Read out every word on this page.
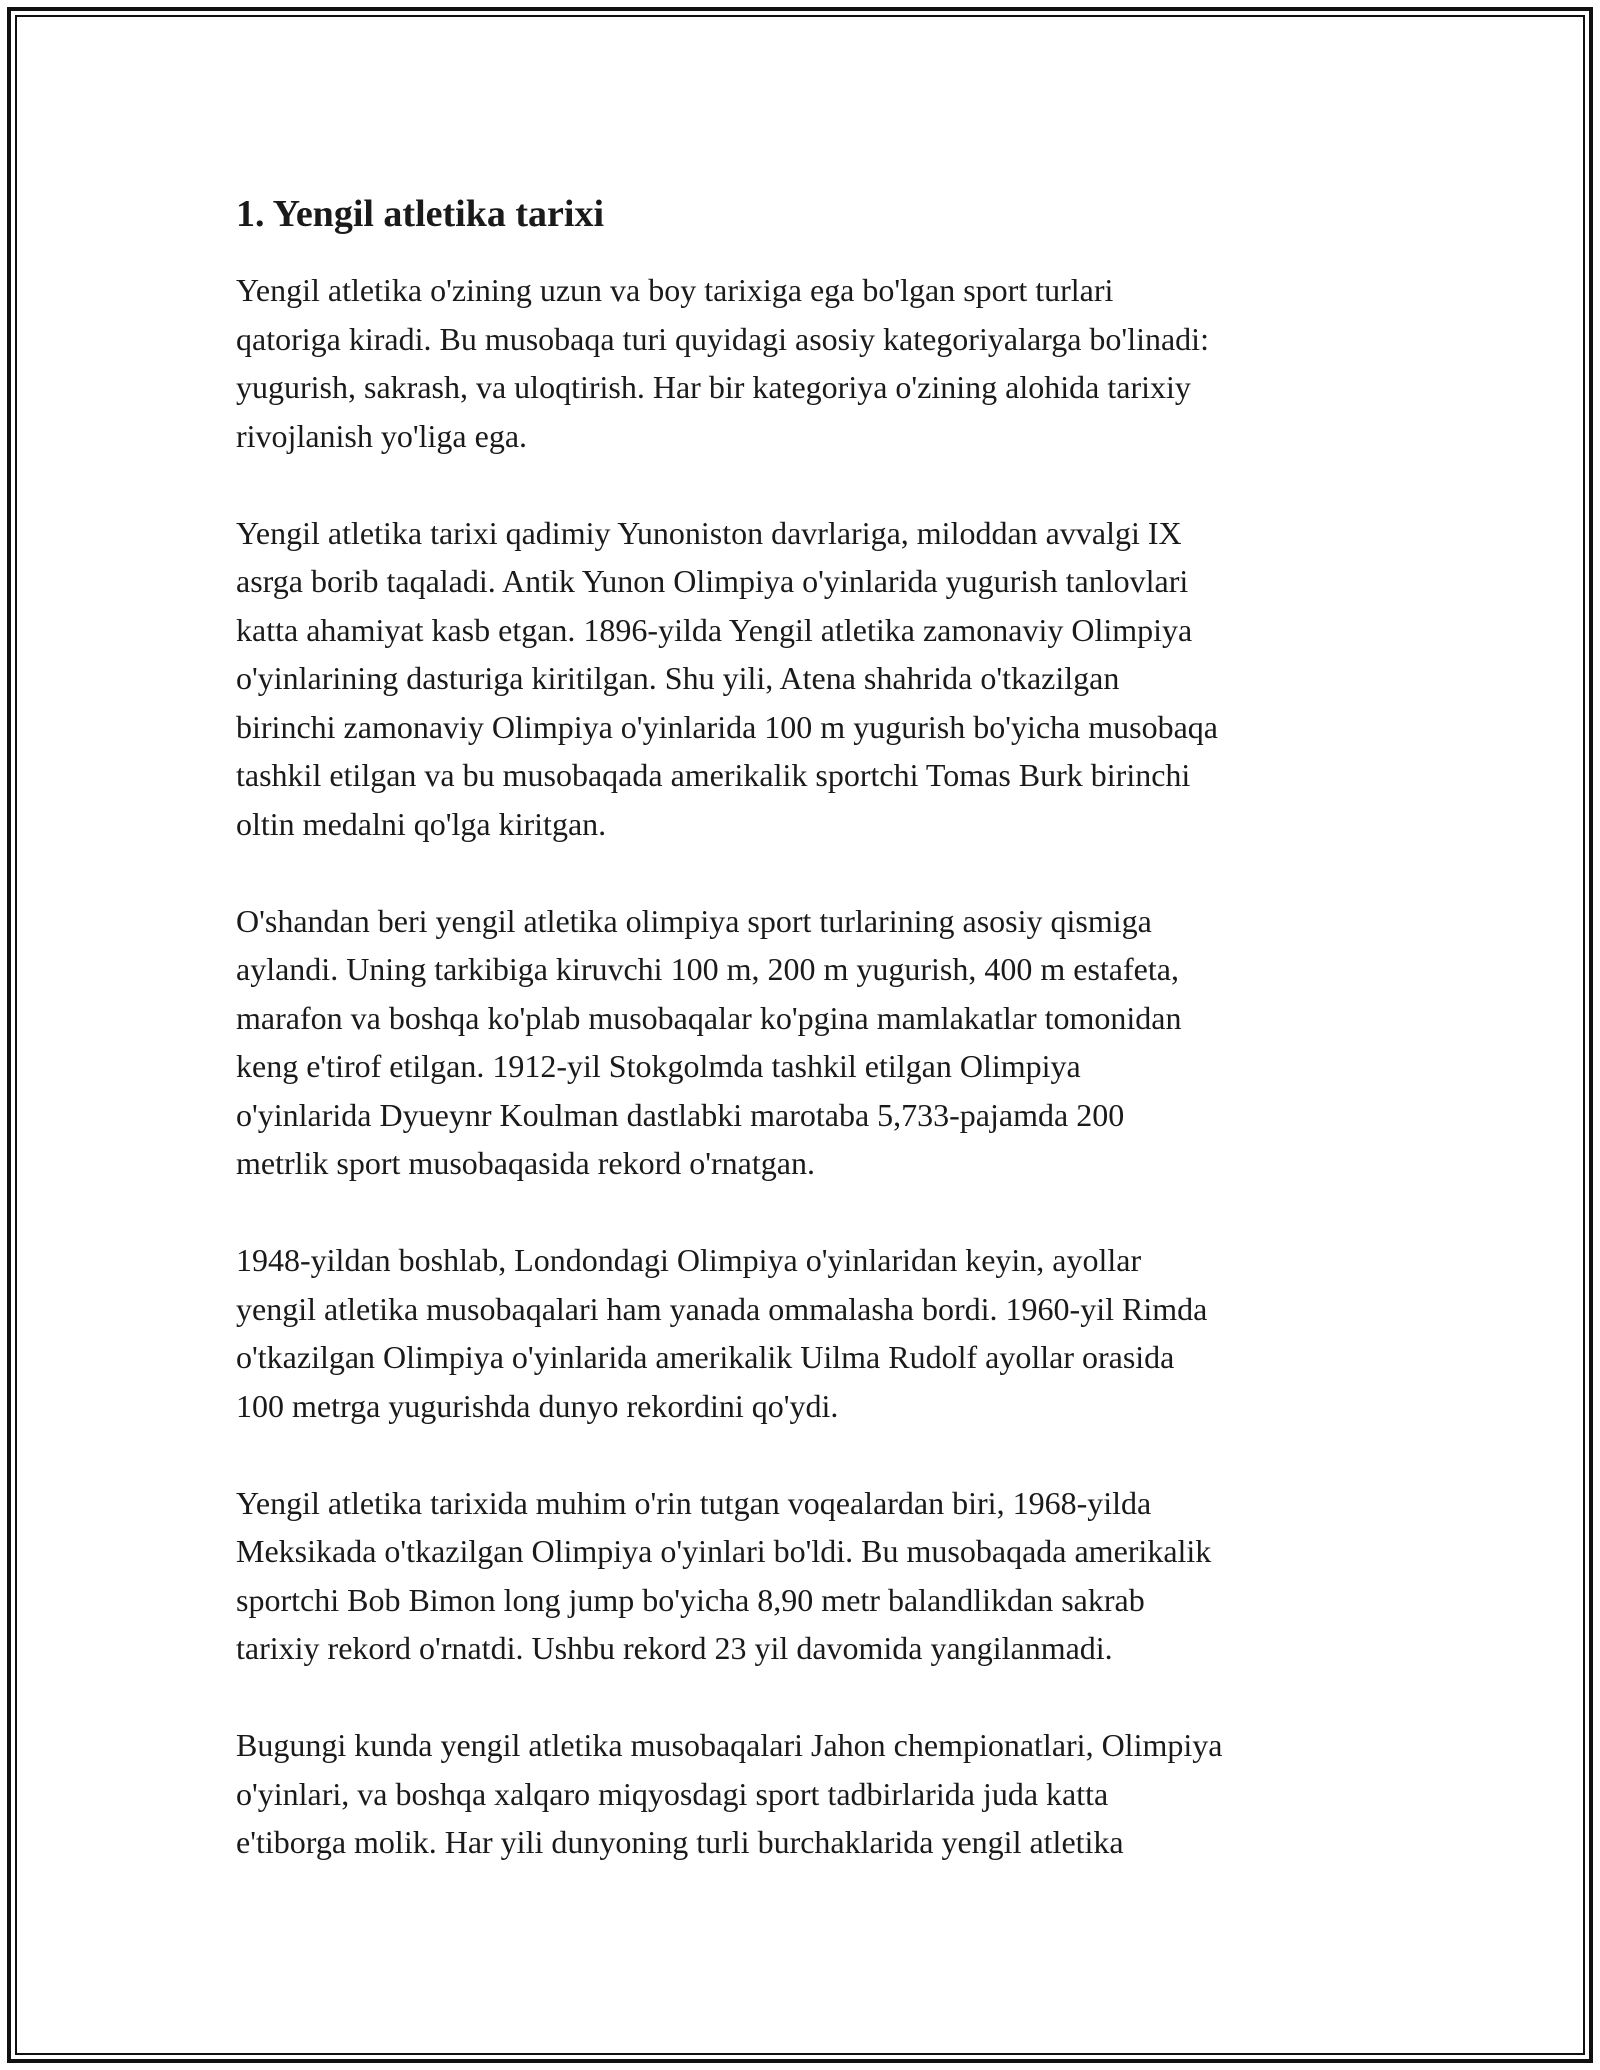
1. Yengil atletika tarixi

Yengil atletika o'zining uzun va boy tarixiga ega bo'lgan sport turlari
qatoriga kiradi. Bu musobaqa turi quyidagi asosiy kategoriyalarga bo'linadi:
yugurish, sakrash, va uloqtirish. Har bir kategoriya o'zining alohida tarixiy
rivojlanish yo'liga ega.

Yengil atletika tarixi qadimiy Yunoniston davrlariga, miloddan avvalgi IX
asrga borib taqaladi. Antik Yunon Olimpiya o'yinlarida yugurish tanlovlari
katta ahamiyat kasb etgan. 1896-yilda Yengil atletika zamonaviy Olimpiya
o'yinlarining dasturiga kiritilgan. Shu yili, Atena shahrida o'tkazilgan
birinchi zamonaviy Olimpiya o'yinlarida 100 m yugurish bo'yicha musobaqa
tashkil etilgan va bu musobaqada amerikalik sportchi Tomas Burk birinchi
oltin medalni qo'lga kiritgan.

O'shandan beri yengil atletika olimpiya sport turlarining asosiy qismiga
aylandi. Uning tarkibiga kiruvchi 100 m, 200 m yugurish, 400 m estafeta,
marafon va boshqa ko'plab musobaqalar ko'pgina mamlakatlar tomonidan
keng e'tirof etilgan. 1912-yil Stokgolmda tashkil etilgan Olimpiya
o'yinlarida Dyueynr Koulman dastlabki marotaba 5,733-pajamda 200
metrlik sport musobaqasida rekord o'rnatgan.

1948-yildan boshlab, Londondagi Olimpiya o'yinlaridan keyin, ayollar
yengil atletika musobaqalari ham yanada ommalasha bordi. 1960-yil Rimda
o'tkazilgan Olimpiya o'yinlarida amerikalik Uilma Rudolf ayollar orasida
100 metrga yugurishda dunyo rekordini qo'ydi.

Yengil atletika tarixida muhim o'rin tutgan voqealardan biri, 1968-yilda
Meksikada o'tkazilgan Olimpiya o'yinlari bo'ldi. Bu musobaqada amerikalik
sportchi Bob Bimon long jump bo'yicha 8,90 metr balandlikdan sakrab
tarixiy rekord o'rnatdi. Ushbu rekord 23 yil davomida yangilanmadi.

Bugungi kunda yengil atletika musobaqalari Jahon chempionatlari, Olimpiya
o'yinlari, va boshqa xalqaro miqyosdagi sport tadbirlarida juda katta
e'tiborga molik. Har yili dunyoning turli burchaklarida yengil atletika
